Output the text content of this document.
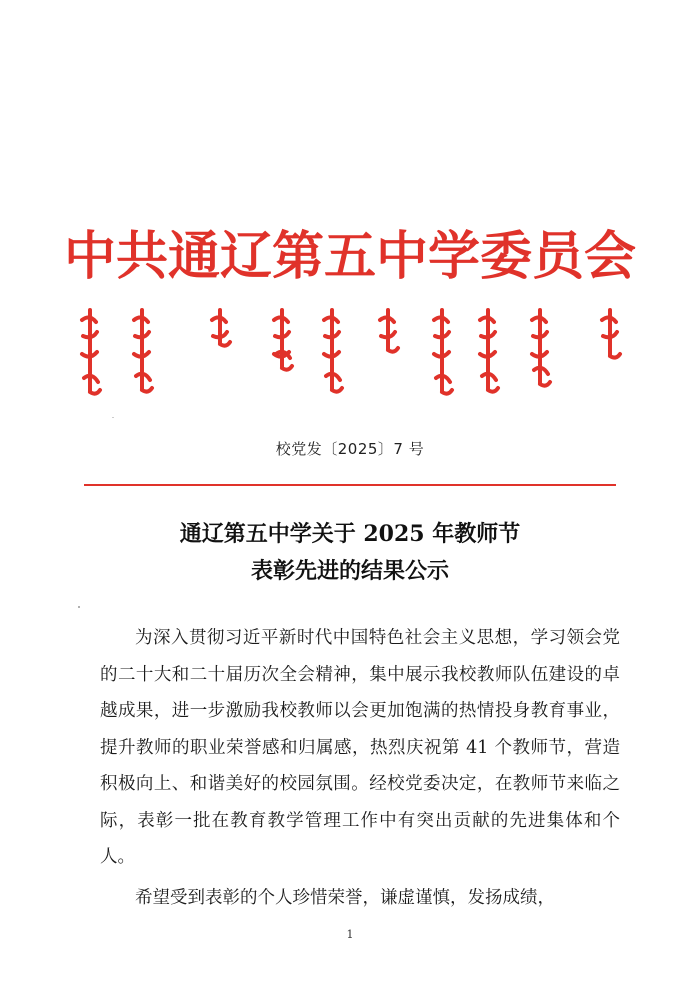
中共通辽第五中学委员会
校党发〔2025〕7 号
通辽第五中学关于 2025 年教师节
表彰先进的结果公示

为深入贯彻习近平新时代中国特色社会主义思想，学习领会党的二十大和二十届历次全会精神，集中展示我校教师队伍建设的卓越成果，进一步激励我校教师以会更加饱满的热情投身教育事业，提升教师的职业荣誉感和归属感，热烈庆祝第 41 个教师节，营造积极向上、和谐美好的校园氛围。经校党委决定，在教师节来临之际，表彰一批在教育教学管理工作中有突出贡献的先进集体和个人。

希望受到表彰的个人珍惜荣誉，谦虚谨慎，发扬成绩，

1
